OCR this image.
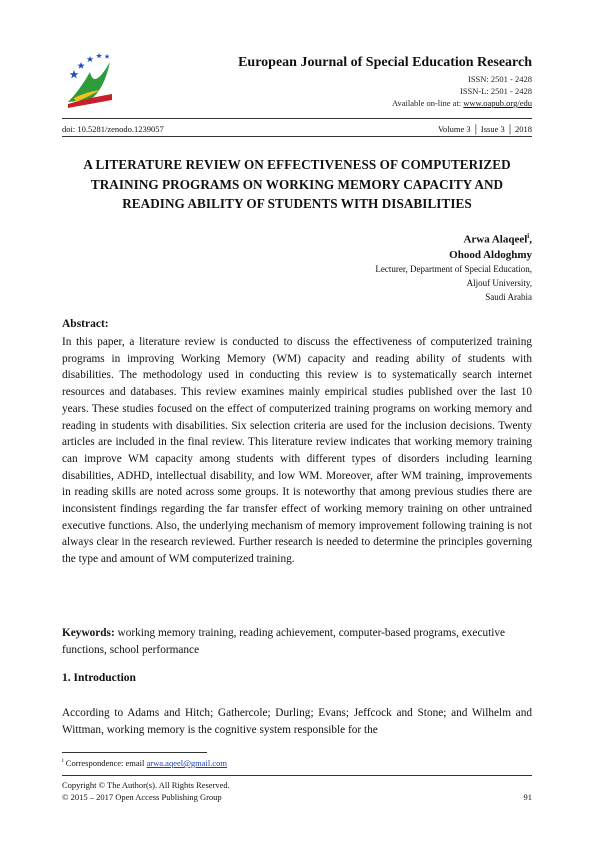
European Journal of Special Education Research
ISSN: 2501 - 2428
ISSN-L: 2501 - 2428
Available on-line at: www.oapub.org/edu
doi: 10.5281/zenodo.1239057	Volume 3 │ Issue 3 │ 2018
A LITERATURE REVIEW ON EFFECTIVENESS OF COMPUTERIZED TRAINING PROGRAMS ON WORKING MEMORY CAPACITY AND READING ABILITY OF STUDENTS WITH DISABILITIES
Arwa Alaqeel$^i$,
Ohood Aldoghmy
Lecturer, Department of Special Education,
Aljouf University,
Saudi Arabia
Abstract:
In this paper, a literature review is conducted to discuss the effectiveness of computerized training programs in improving Working Memory (WM) capacity and reading ability of students with disabilities. The methodology used in conducting this review is to systematically search internet resources and databases. This review examines mainly empirical studies published over the last 10 years. These studies focused on the effect of computerized training programs on working memory and reading in students with disabilities. Six selection criteria are used for the inclusion decisions. Twenty articles are included in the final review. This literature review indicates that working memory training can improve WM capacity among students with different types of disorders including learning disabilities, ADHD, intellectual disability, and low WM. Moreover, after WM training, improvements in reading skills are noted across some groups. It is noteworthy that among previous studies there are inconsistent findings regarding the far transfer effect of working memory training on other untrained executive functions. Also, the underlying mechanism of memory improvement following training is not always clear in the research reviewed. Further research is needed to determine the principles governing the type and amount of WM computerized training.
Keywords: working memory training, reading achievement, computer-based programs, executive functions, school performance
1. Introduction
According to Adams and Hitch; Gathercole; Durling; Evans; Jeffcock and Stone; and Wilhelm and Wittman, working memory is the cognitive system responsible for the
$^i$ Correspondence: email arwa.aqeel@gmail.com
Copyright © The Author(s). All Rights Reserved.
© 2015 – 2017 Open Access Publishing Group	91
